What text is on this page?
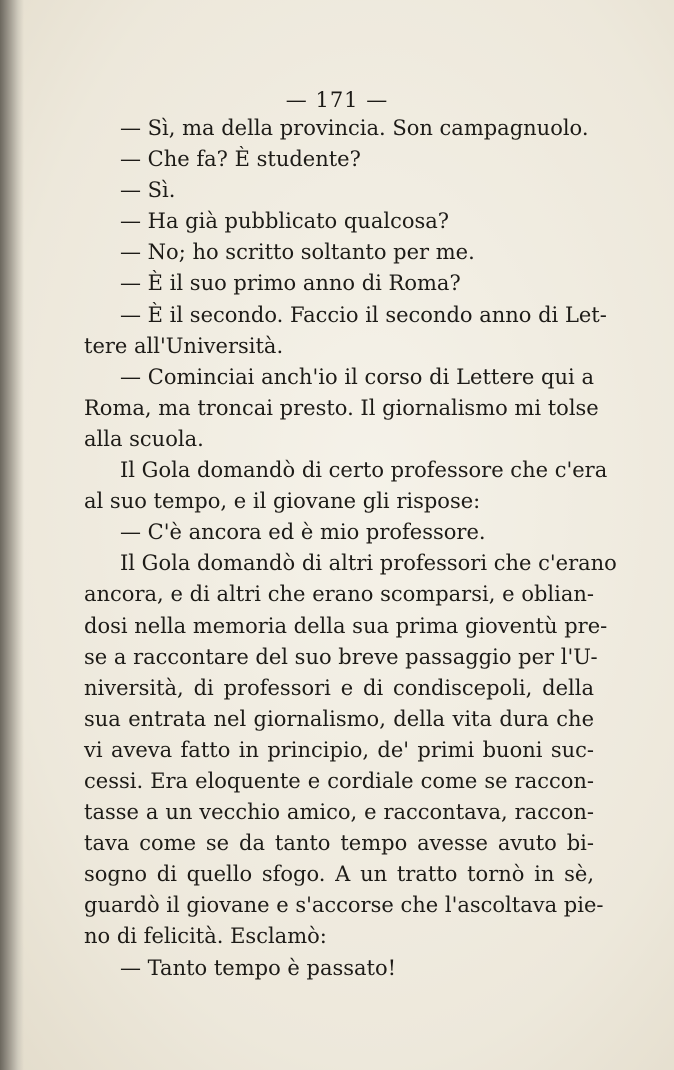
— 171 —
— Sì, ma della provincia. Son campagnuolo.
— Che fa? È studente?
— Sì.
— Ha già pubblicato qualcosa?
— No; ho scritto soltanto per me.
— È il suo primo anno di Roma?
— È il secondo. Faccio il secondo anno di Let-
tere all'Università.
— Cominciai anch'io il corso di Lettere qui a
Roma, ma troncai presto. Il giornalismo mi tolse
alla scuola.
Il Gola domandò di certo professore che c'era
al suo tempo, e il giovane gli rispose:
— C'è ancora ed è mio professore.
Il Gola domandò di altri professori che c'erano
ancora, e di altri che erano scomparsi, e oblian-
dosi nella memoria della sua prima gioventù pre-
se a raccontare del suo breve passaggio per l'U-
niversità, di professori e di condiscepoli, della
sua entrata nel giornalismo, della vita dura che
vi aveva fatto in principio, de' primi buoni suc-
cessi. Era eloquente e cordiale come se raccon-
tasse a un vecchio amico, e raccontava, raccon-
tava come se da tanto tempo avesse avuto bi-
sogno di quello sfogo. A un tratto tornò in sè,
guardò il giovane e s'accorse che l'ascoltava pie-
no di felicità. Esclamò:
— Tanto tempo è passato!
